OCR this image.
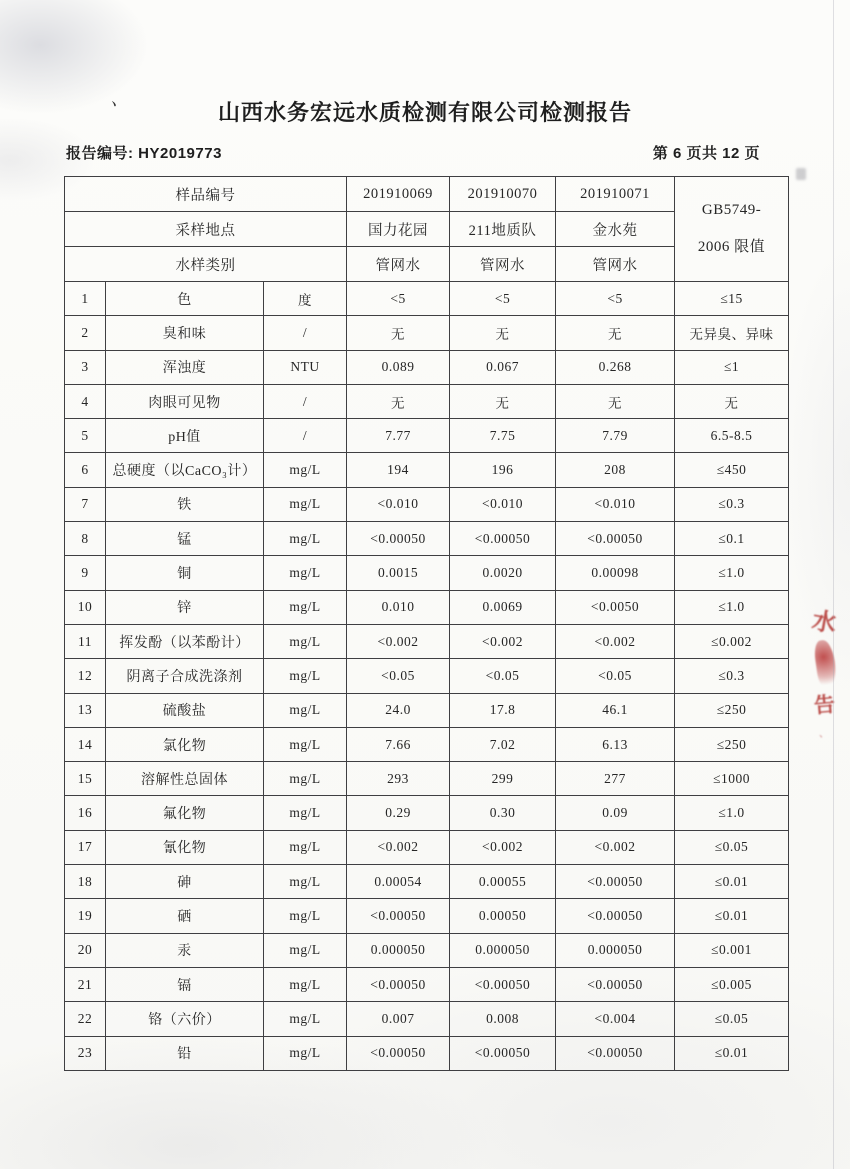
、
山西水务宏远水质检测有限公司检测报告
报告编号: HY2019773	第 6 页共 12 页
样品编号			201910069	201910070	201910071	GB5749-
2006 限值

采样地点			国力花园	211地质队	金水苑	
水样类别			管网水	管网水	管网水	
1	色	度	<5	<5	<5	≤15
2	臭和味	/	无	无	无	无异臭、异味
3	浑浊度	NTU	0.089	0.067	0.268	≤1
4	肉眼可见物	/	无	无	无	无
5	pH值	/	7.77	7.75	7.79	6.5-8.5
6	总硬度（以CaCO₃计）	mg/L	194	196	208	≤450
7	铁	mg/L	<0.010	<0.010	<0.010	≤0.3
8	锰	mg/L	<0.00050	<0.00050	<0.00050	≤0.1
9	铜	mg/L	0.0015	0.0020	0.00098	≤1.0
10	锌	mg/L	0.010	0.0069	<0.0050	≤1.0
11	挥发酚（以苯酚计）	mg/L	<0.002	<0.002	<0.002	≤0.002
12	阴离子合成洗涤剂	mg/L	<0.05	<0.05	<0.05	≤0.3
13	硫酸盐	mg/L	24.0	17.8	46.1	≤250
14	氯化物	mg/L	7.66	7.02	6.13	≤250
15	溶解性总固体	mg/L	293	299	277	≤1000
16	氟化物	mg/L	0.29	0.30	0.09	≤1.0
17	氰化物	mg/L	<0.002	<0.002	<0.002	≤0.05
18	砷	mg/L	0.00054	0.00055	<0.00050	≤0.01
19	硒	mg/L	<0.00050	0.00050	<0.00050	≤0.01
20	汞	mg/L	0.000050	0.000050	0.000050	≤0.001
21	镉	mg/L	<0.00050	<0.00050	<0.00050	≤0.005
22	铬（六价）	mg/L	0.007	0.008	<0.004	≤0.05
23	铅	mg/L	<0.00050	<0.00050	<0.00050	≤0.01
水
告
、
